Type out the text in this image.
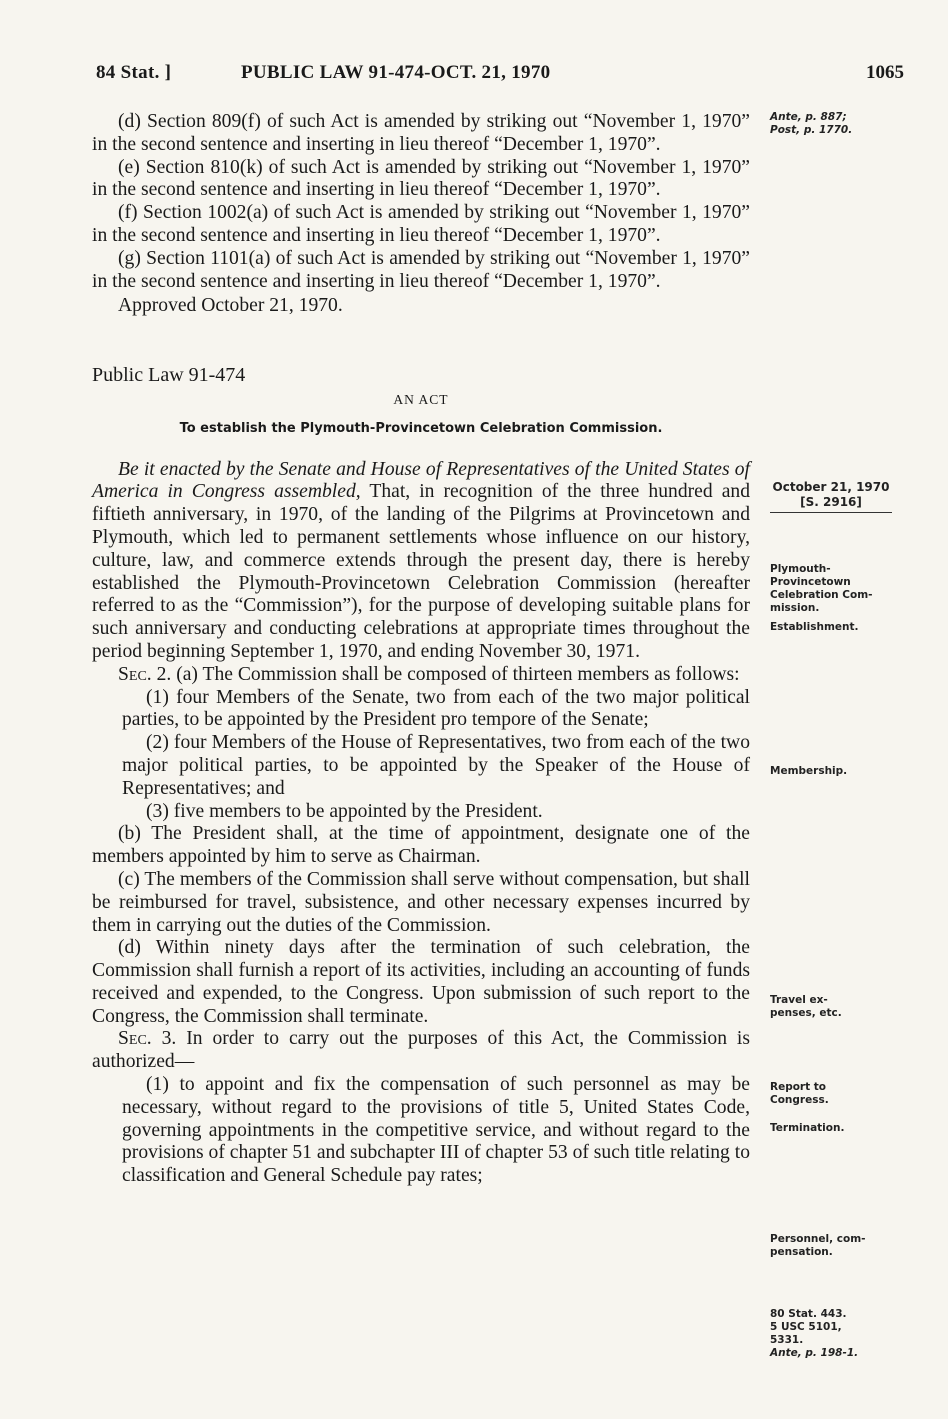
84 Stat. ]	PUBLIC LAW 91-474-OCT. 21, 1970	1065

(d) Section 809(f) of such Act is amended by striking out “November 1, 1970” in the second sentence and inserting in lieu thereof “December 1, 1970”.

(e) Section 810(k) of such Act is amended by striking out “November 1, 1970” in the second sentence and inserting in lieu thereof “December 1, 1970”.

(f) Section 1002(a) of such Act is amended by striking out “November 1, 1970” in the second sentence and inserting in lieu thereof “December 1, 1970”.

(g) Section 1101(a) of such Act is amended by striking out “November 1, 1970” in the second sentence and inserting in lieu thereof “December 1, 1970”.

Approved October 21, 1970.

Public Law 91-474

AN ACT

To establish the Plymouth-Provincetown Celebration Commission.

Be it enacted by the Senate and House of Representatives of the United States of America in Congress assembled, That, in recognition of the three hundred and fiftieth anniversary, in 1970, of the landing of the Pilgrims at Provincetown and Plymouth, which led to permanent settlements whose influence on our history, culture, law, and commerce extends through the present day, there is hereby established the Plymouth-Provincetown Celebration Commission (hereafter referred to as the “Commission”), for the purpose of developing suitable plans for such anniversary and conducting celebrations at appropriate times throughout the period beginning September 1, 1970, and ending November 30, 1971.

Sec. 2. (a) The Commission shall be composed of thirteen members as follows:

(1) four Members of the Senate, two from each of the two major political parties, to be appointed by the President pro tempore of the Senate;

(2) four Members of the House of Representatives, two from each of the two major political parties, to be appointed by the Speaker of the House of Representatives; and

(3) five members to be appointed by the President.

(b) The President shall, at the time of appointment, designate one of the members appointed by him to serve as Chairman.

(c) The members of the Commission shall serve without compensation, but shall be reimbursed for travel, subsistence, and other necessary expenses incurred by them in carrying out the duties of the Commission.

(d) Within ninety days after the termination of such celebration, the Commission shall furnish a report of its activities, including an accounting of funds received and expended, to the Congress. Upon submission of such report to the Congress, the Commission shall terminate.

Sec. 3. In order to carry out the purposes of this Act, the Commission is authorized—

(1) to appoint and fix the compensation of such personnel as may be necessary, without regard to the provisions of title 5, United States Code, governing appointments in the competitive service, and without regard to the provisions of chapter 51 and subchapter III of chapter 53 of such title relating to classification and General Schedule pay rates;

Ante, p. 887;
Post, p. 1770.
October 21, 1970
[S. 2916]
Plymouth-
Provincetown
Celebration Com-
mission.
Establishment.
Membership.
Travel ex-
penses, etc.
Report to
Congress.
Termination.
Personnel, com-
pensation.
80 Stat. 443.
5 USC 5101,
5331.
Ante, p. 198-1.
